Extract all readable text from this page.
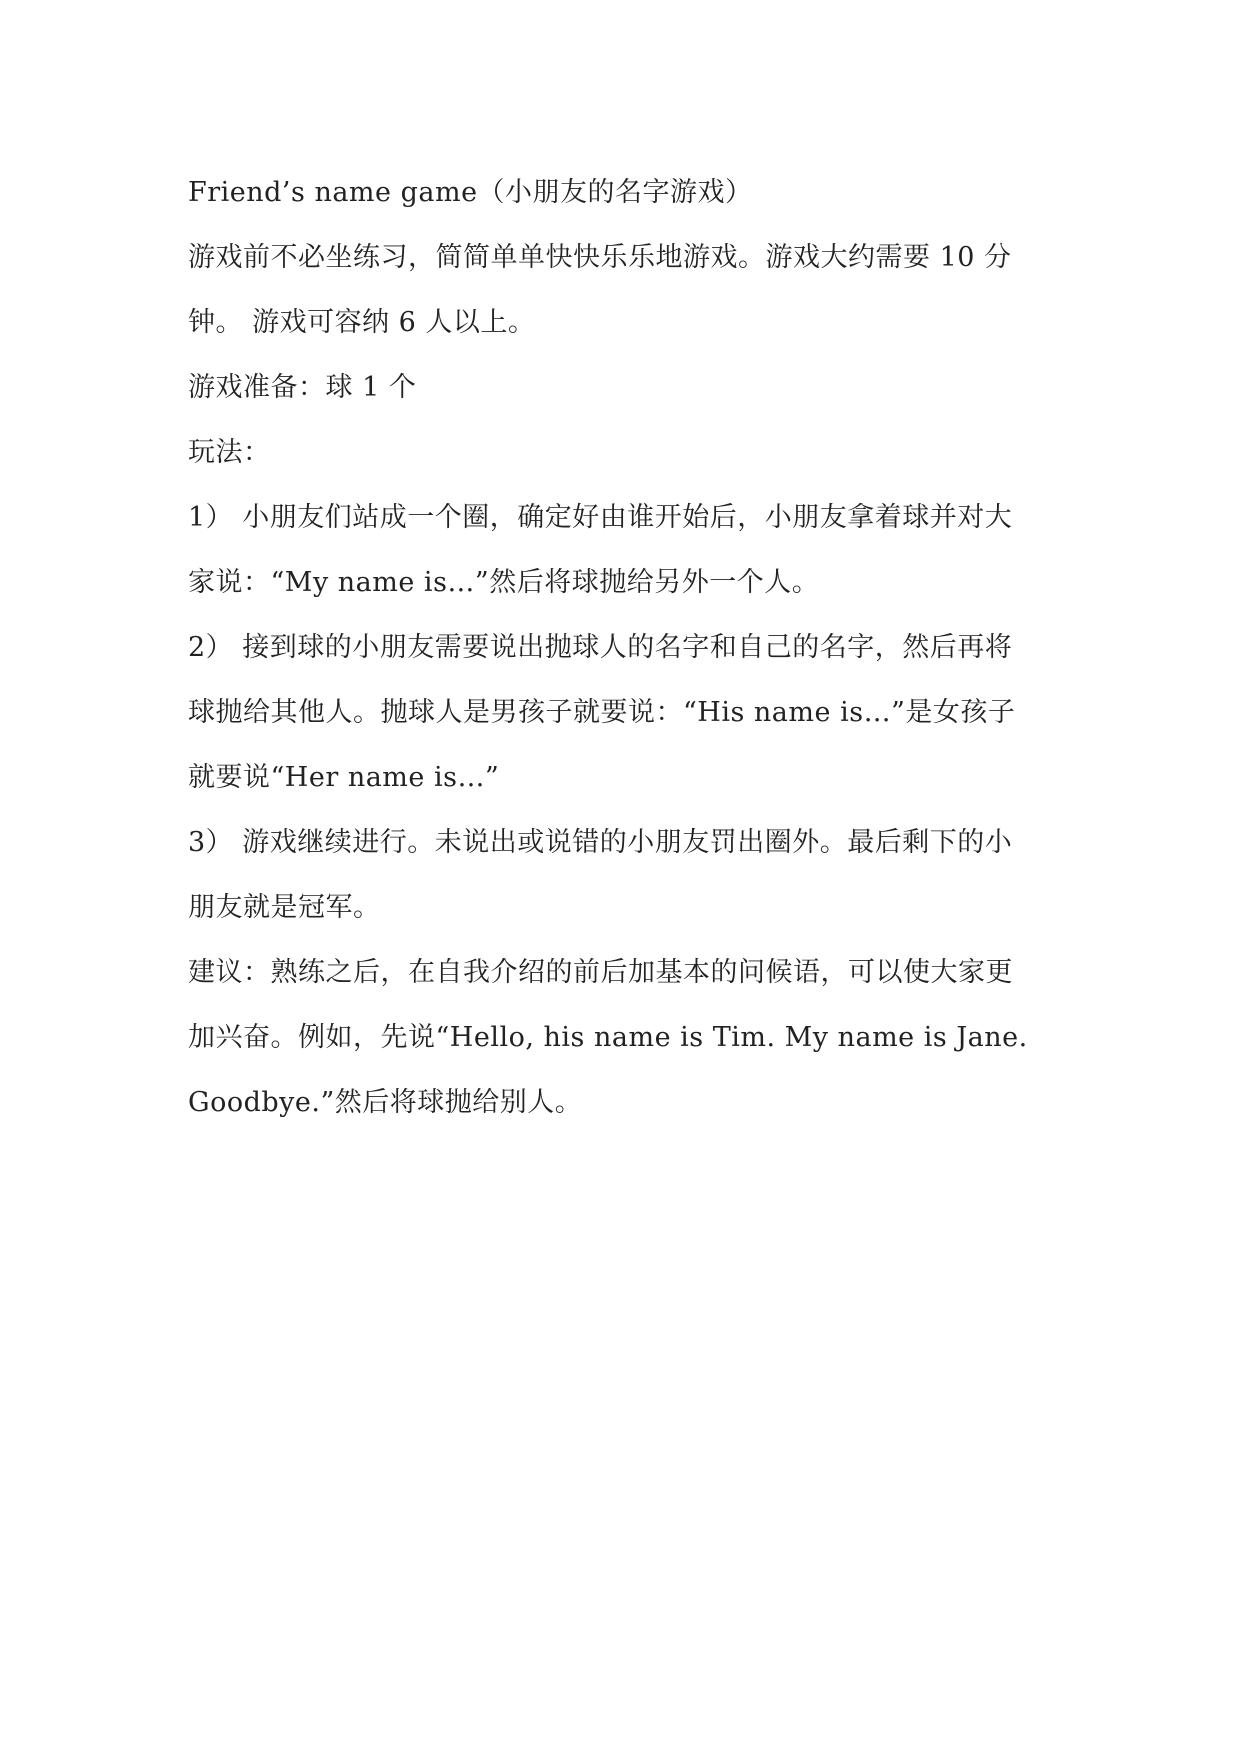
Friend’s name game（小朋友的名字游戏）
游戏前不必坐练习，简简单单快快乐乐地游戏。游戏大约需要 10 分
钟。 游戏可容纳 6 人以上。
游戏准备：球 1 个
玩法：
1） 小朋友们站成一个圈，确定好由谁开始后，小朋友拿着球并对大
家说：“My name is…”然后将球抛给另外一个人。
2） 接到球的小朋友需要说出抛球人的名字和自己的名字，然后再将
球抛给其他人。抛球人是男孩子就要说：“His name is…”是女孩子
就要说“Her name is…”
3） 游戏继续进行。未说出或说错的小朋友罚出圈外。最后剩下的小
朋友就是冠军。
建议：熟练之后，在自我介绍的前后加基本的问候语，可以使大家更
加兴奋。例如，先说“Hello, his name is Tim. My name is Jane.
Goodbye.”然后将球抛给别人。
